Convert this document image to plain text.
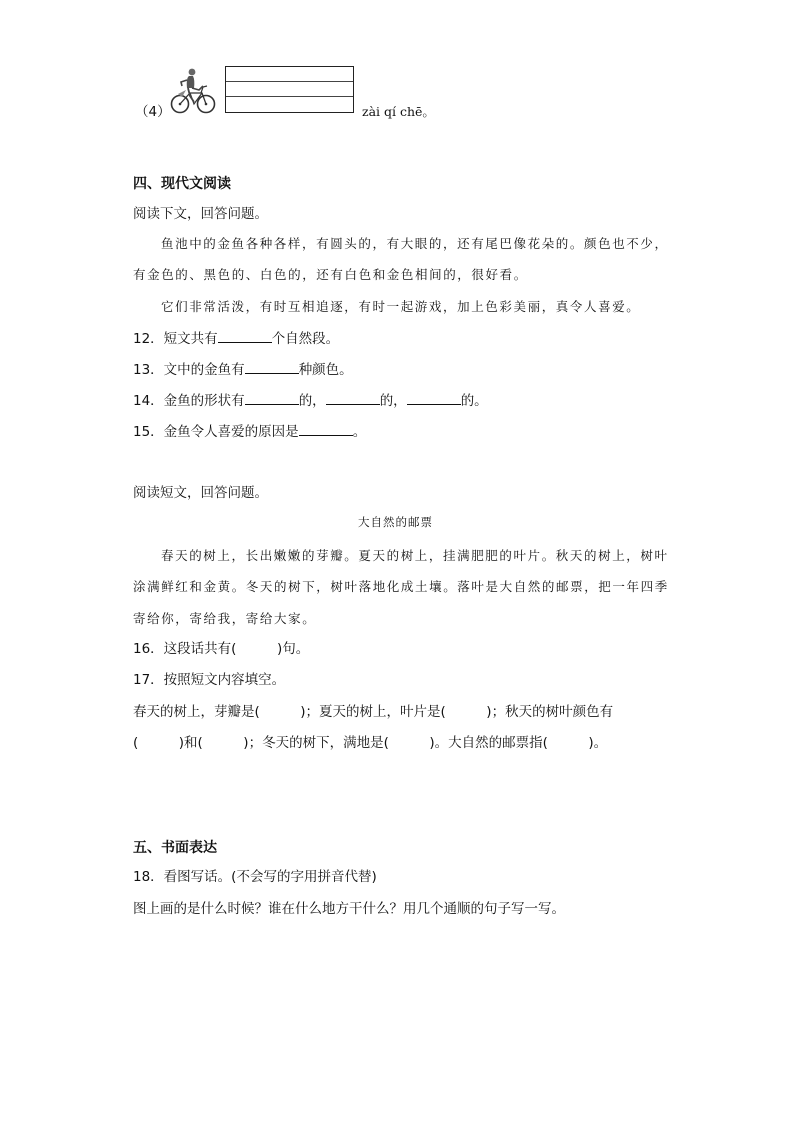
（4）	zài qí chē。
四、现代文阅读
阅读下文，回答问题。
鱼池中的金鱼各种各样，有圆头的，有大眼的，还有尾巴像花朵的。颜色也不少，
有金色的、黑色的、白色的，还有白色和金色相间的，很好看。
它们非常活泼，有时互相追逐，有时一起游戏，加上色彩美丽，真令人喜爱。
12．短文共有	个自然段。
13．文中的金鱼有	种颜色。
14．金鱼的形状有	的，	的，	的。
15．金鱼令人喜爱的原因是	。
阅读短文，回答问题。
大自然的邮票
春天的树上，长出嫩嫩的芽瓣。夏天的树上，挂满肥肥的叶片。秋天的树上，树叶
涂满鲜红和金黄。冬天的树下，树叶落地化成土壤。落叶是大自然的邮票，把一年四季
寄给你，寄给我，寄给大家。
16．这段话共有(　　　)句。
17．按照短文内容填空。
春天的树上，芽瓣是(　　　)；夏天的树上，叶片是(　　　)；秋天的树叶颜色有
(　　　)和(　　　)；冬天的树下，满地是(　　　)。大自然的邮票指(　　　)。
五、书面表达
18．看图写话。(不会写的字用拼音代替)
图上画的是什么时候？谁在什么地方干什么？用几个通顺的句子写一写。
